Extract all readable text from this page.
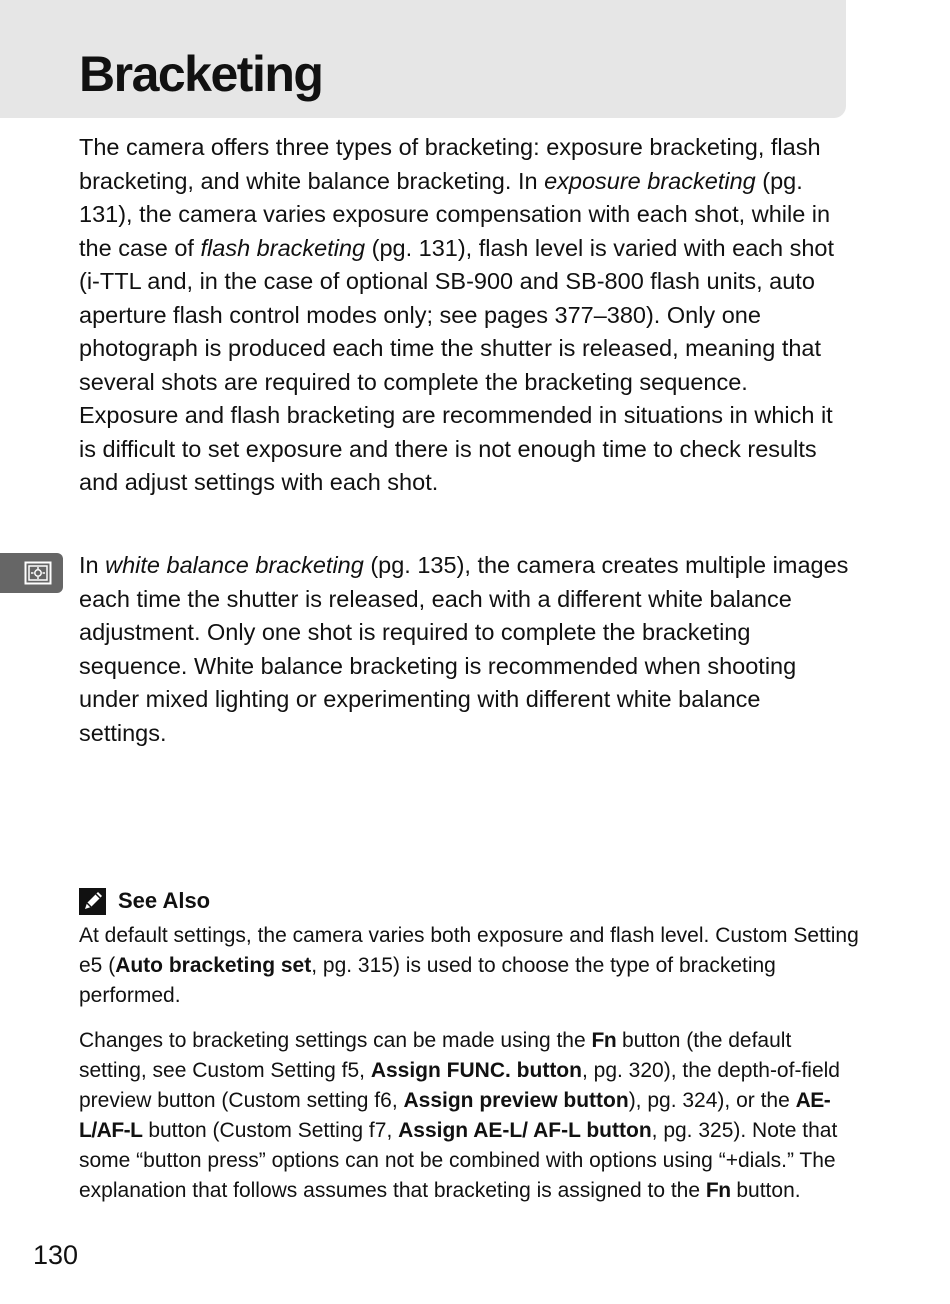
Bracketing

The camera offers three types of bracketing: exposure bracketing, flash bracketing, and white balance bracketing. In exposure bracketing (pg. 131), the camera varies exposure compensation with each shot, while in the case of flash bracketing (pg. 131), flash level is varied with each shot (i-TTL and, in the case of optional SB-900 and SB-800 flash units, auto aperture flash control modes only; see pages 377–380). Only one photograph is produced each time the shutter is released, meaning that several shots are required to complete the bracketing sequence. Exposure and flash bracketing are recommended in situations in which it is difficult to set exposure and there is not enough time to check results and adjust settings with each shot.

In white balance bracketing (pg. 135), the camera creates multiple images each time the shutter is released, each with a different white balance adjustment. Only one shot is required to complete the bracketing sequence. White balance bracketing is recommended when shooting under mixed lighting or experimenting with different white balance settings.

See Also

At default settings, the camera varies both exposure and flash level. Custom Setting e5 (Auto bracketing set, pg. 315) is used to choose the type of bracketing performed.

Changes to bracketing settings can be made using the Fn button (the default setting, see Custom Setting f5, Assign FUNC. button, pg. 320), the depth-of-field preview button (Custom setting f6, Assign preview button), pg. 324), or the AE-L/AF-L button (Custom Setting f7, Assign AE-L/ AF-L button, pg. 325). Note that some “button press” options can not be combined with options using “+dials.” The explanation that follows assumes that bracketing is assigned to the Fn button.

130
